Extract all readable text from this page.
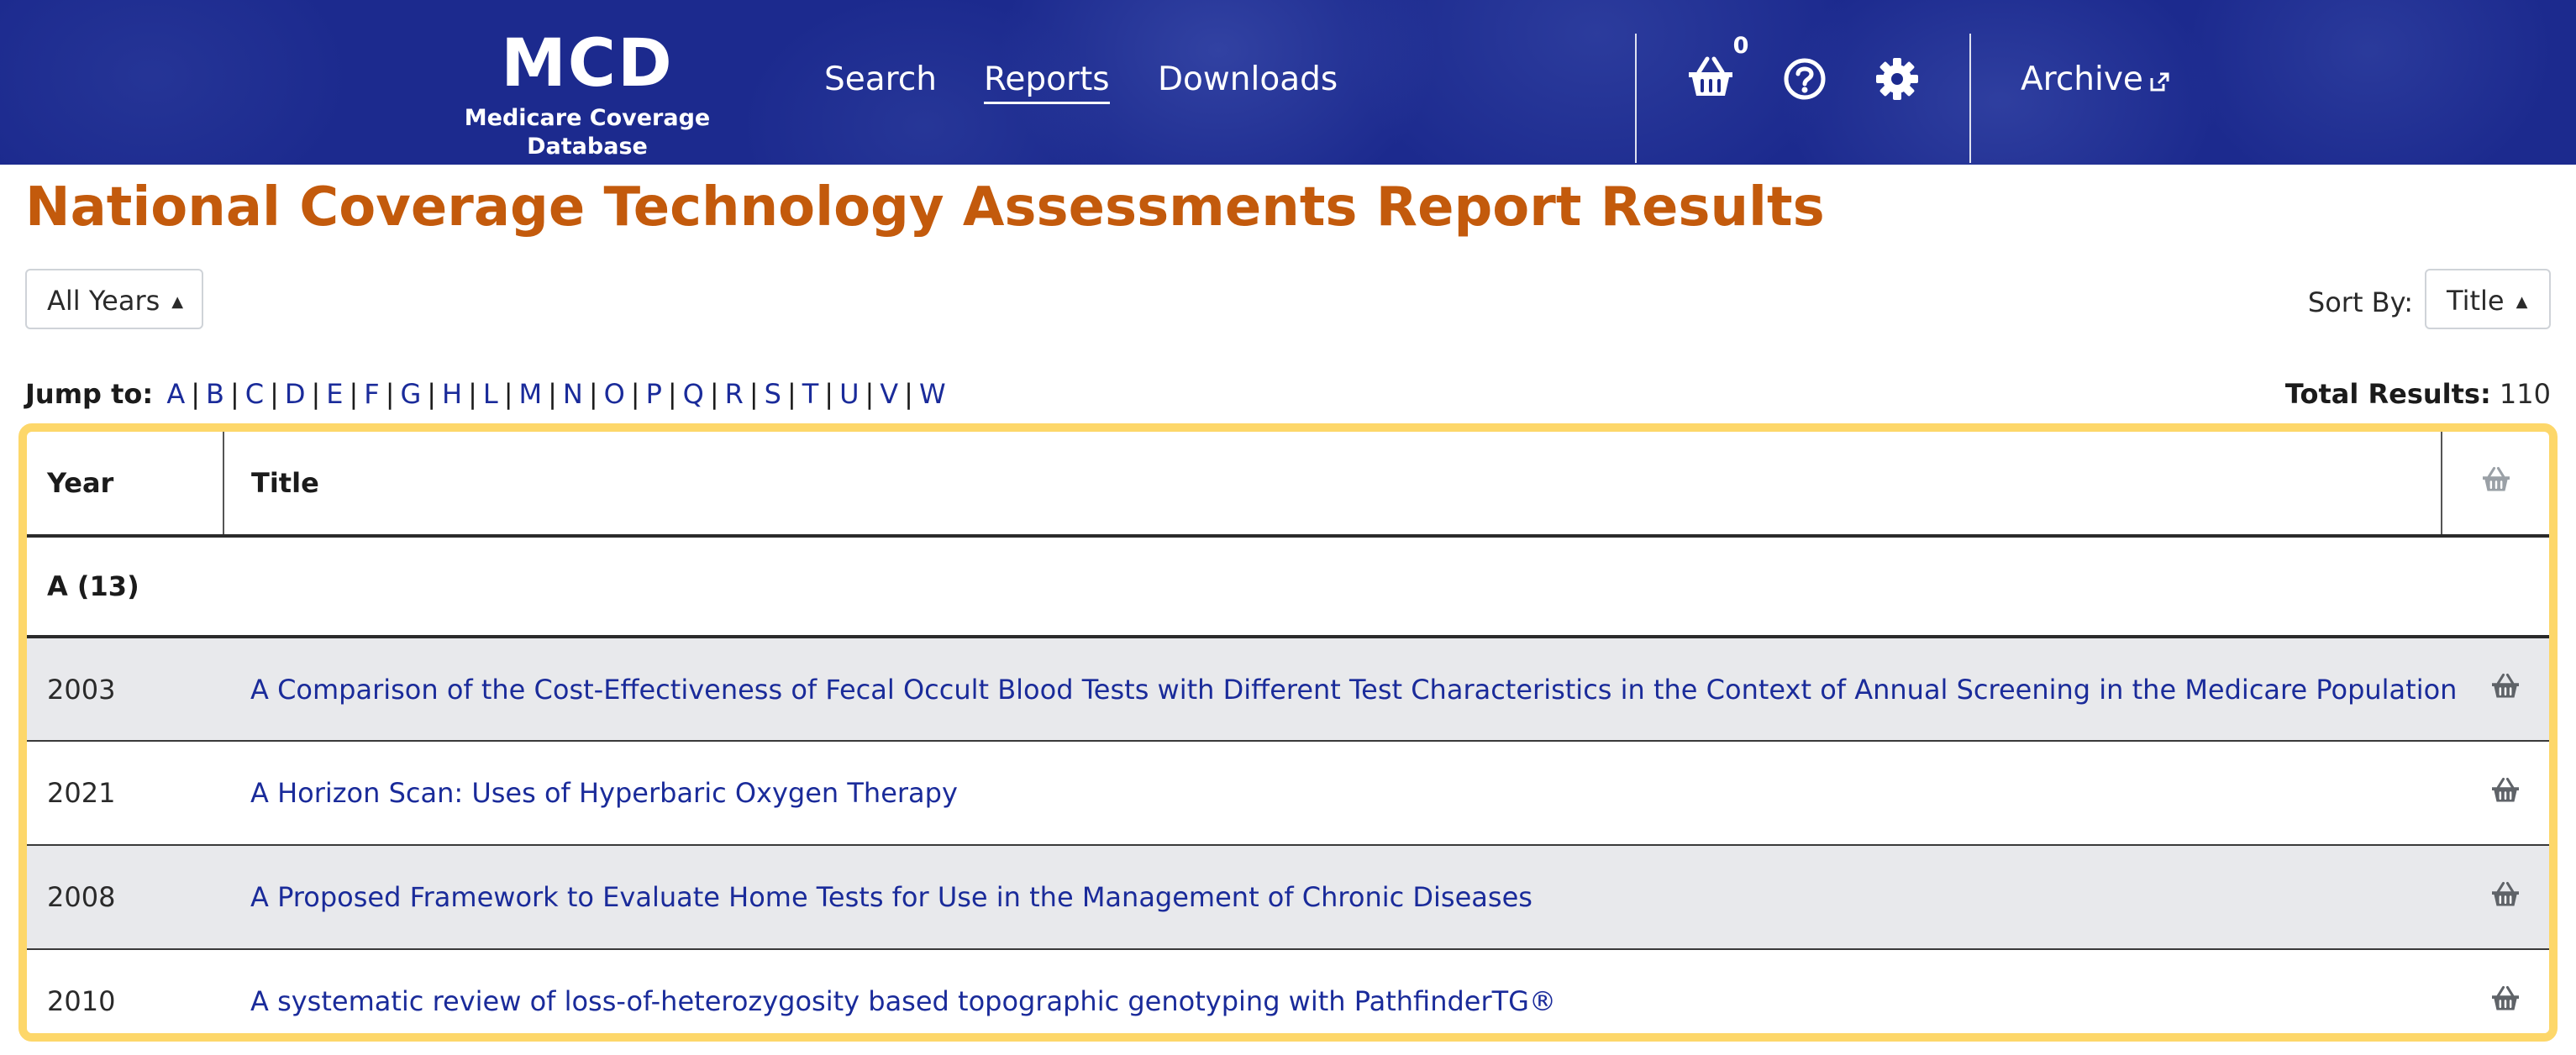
MCD
Medicare Coverage Database
Search Reports Downloads
0
Archive
National Coverage Technology Assessments Report Results
All Years ▲︎	Sort By:	Title ▲︎
Jump to: A | B | C | D | E | F | G | H | L | M | N | O | P | Q | R | S | T | U | V | W	Total Results: 110
Year	Title	
A (13)		
2003	A Comparison of the Cost-Effectiveness of Fecal Occult Blood Tests with Different Test Characteristics in the Context of Annual Screening in the Medicare Population	
2021	A Horizon Scan: Uses of Hyperbaric Oxygen Therapy	
2008	A Proposed Framework to Evaluate Home Tests for Use in the Management of Chronic Diseases	
2010	A systematic review of loss-of-heterozygosity based topographic genotyping with PathfinderTG®	
